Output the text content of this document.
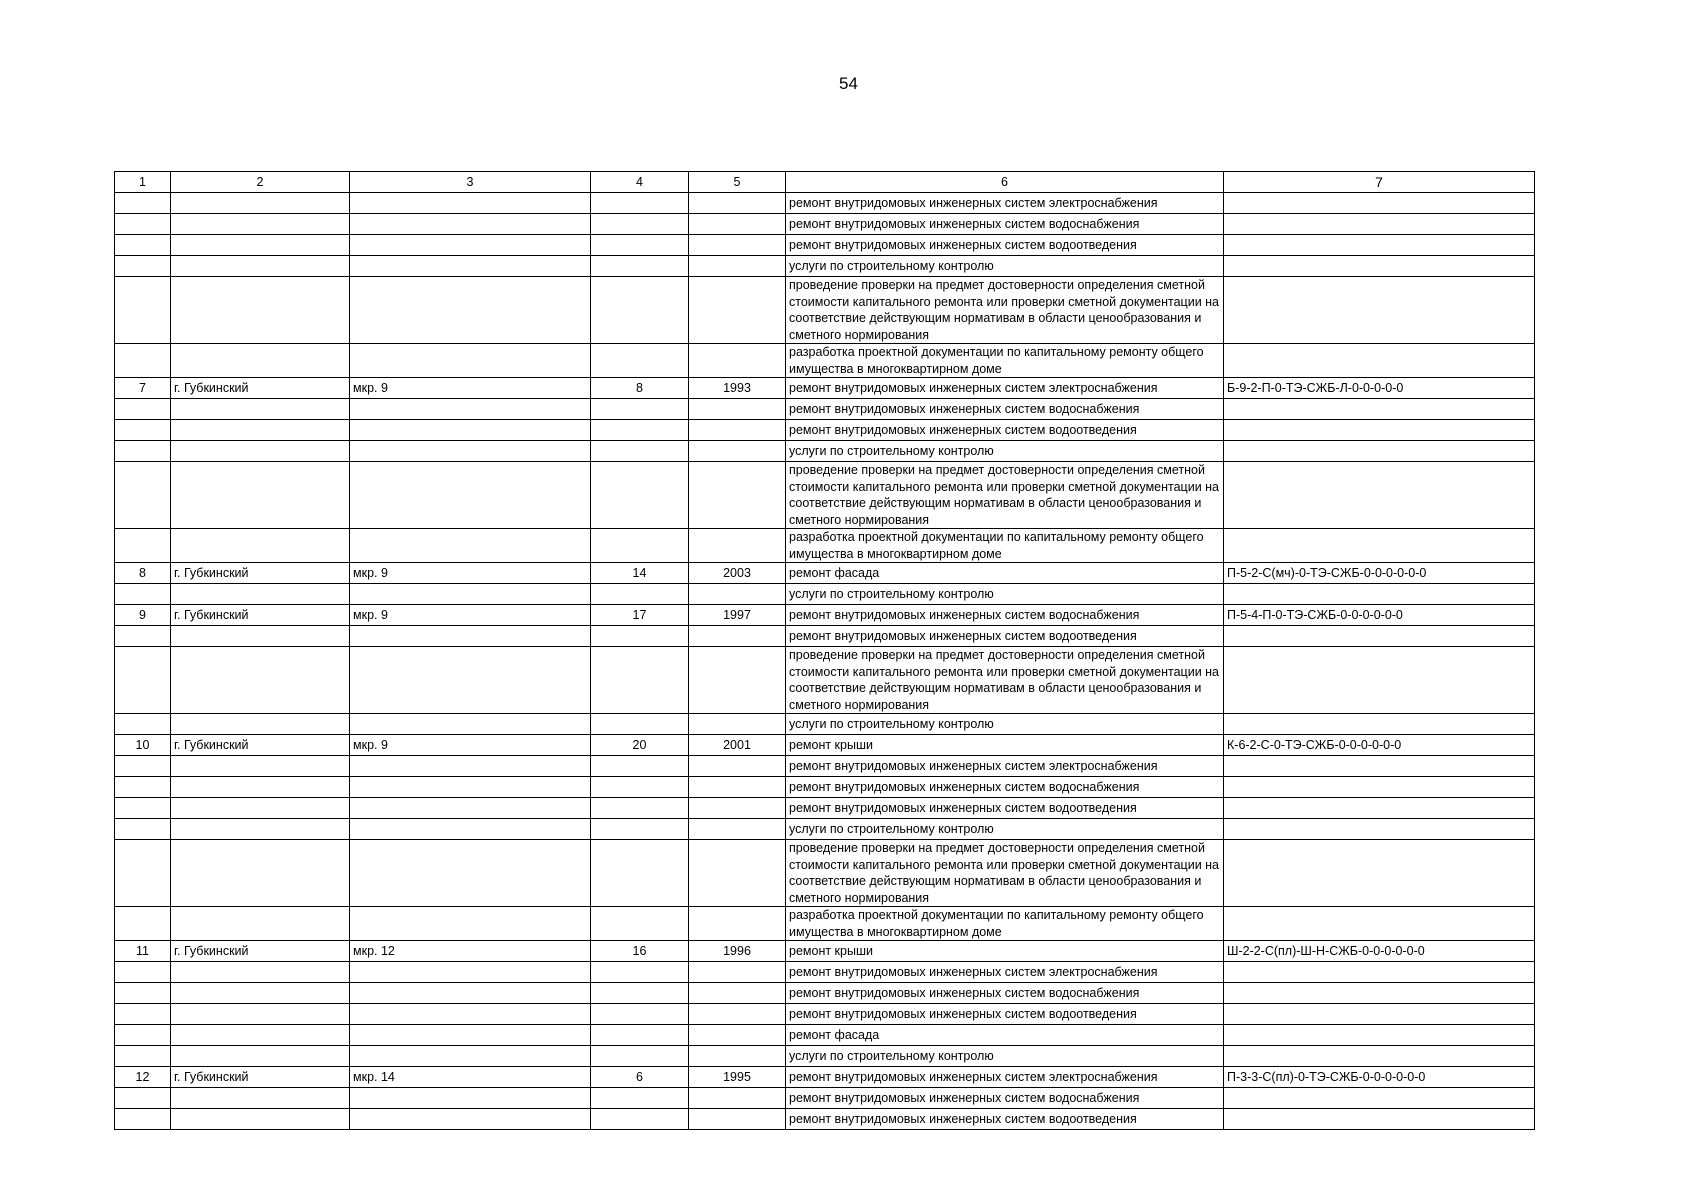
54
1	2	3	4	5	6	7
					ремонт внутридомовых инженерных систем электроснабжения	
					ремонт внутридомовых инженерных систем водоснабжения	
					ремонт внутридомовых инженерных систем водоотведения	
					услуги по строительному контролю	
					проведение проверки на предмет достоверности определения сметной стоимости капитального ремонта или проверки сметной документации на соответствие действующим нормативам в области ценообразования и сметного нормирования	
					разработка проектной документации по капитальному ремонту общего имущества в многоквартирном доме	
7	г. Губкинский	мкр. 9	8	1993	ремонт внутридомовых инженерных систем электроснабжения	Б-9-2-П-0-ТЭ-СЖБ-Л-0-0-0-0-0
					ремонт внутридомовых инженерных систем водоснабжения	
					ремонт внутридомовых инженерных систем водоотведения	
					услуги по строительному контролю	
					проведение проверки на предмет достоверности определения сметной стоимости капитального ремонта или проверки сметной документации на соответствие действующим нормативам в области ценообразования и сметного нормирования	
					разработка проектной документации по капитальному ремонту общего имущества в многоквартирном доме	
8	г. Губкинский	мкр. 9	14	2003	ремонт фасада	П-5-2-С(мч)-0-ТЭ-СЖБ-0-0-0-0-0-0
					услуги по строительному контролю	
9	г. Губкинский	мкр. 9	17	1997	ремонт внутридомовых инженерных систем водоснабжения	П-5-4-П-0-ТЭ-СЖБ-0-0-0-0-0-0
					ремонт внутридомовых инженерных систем водоотведения	
					проведение проверки на предмет достоверности определения сметной стоимости капитального ремонта или проверки сметной документации на соответствие действующим нормативам в области ценообразования и сметного нормирования	
					услуги по строительному контролю	
10	г. Губкинский	мкр. 9	20	2001	ремонт крыши	К-6-2-С-0-ТЭ-СЖБ-0-0-0-0-0-0
					ремонт внутридомовых инженерных систем электроснабжения	
					ремонт внутридомовых инженерных систем водоснабжения	
					ремонт внутридомовых инженерных систем водоотведения	
					услуги по строительному контролю	
					проведение проверки на предмет достоверности определения сметной стоимости капитального ремонта или проверки сметной документации на соответствие действующим нормативам в области ценообразования и сметного нормирования	
					разработка проектной документации по капитальному ремонту общего имущества в многоквартирном доме	
11	г. Губкинский	мкр. 12	16	1996	ремонт крыши	Ш-2-2-С(пл)-Ш-Н-СЖБ-0-0-0-0-0-0
					ремонт внутридомовых инженерных систем электроснабжения	
					ремонт внутридомовых инженерных систем водоснабжения	
					ремонт внутридомовых инженерных систем водоотведения	
					ремонт фасада	
					услуги по строительному контролю	
12	г. Губкинский	мкр. 14	6	1995	ремонт внутридомовых инженерных систем электроснабжения	П-3-3-С(пл)-0-ТЭ-СЖБ-0-0-0-0-0-0
					ремонт внутридомовых инженерных систем водоснабжения	
					ремонт внутридомовых инженерных систем водоотведения	
